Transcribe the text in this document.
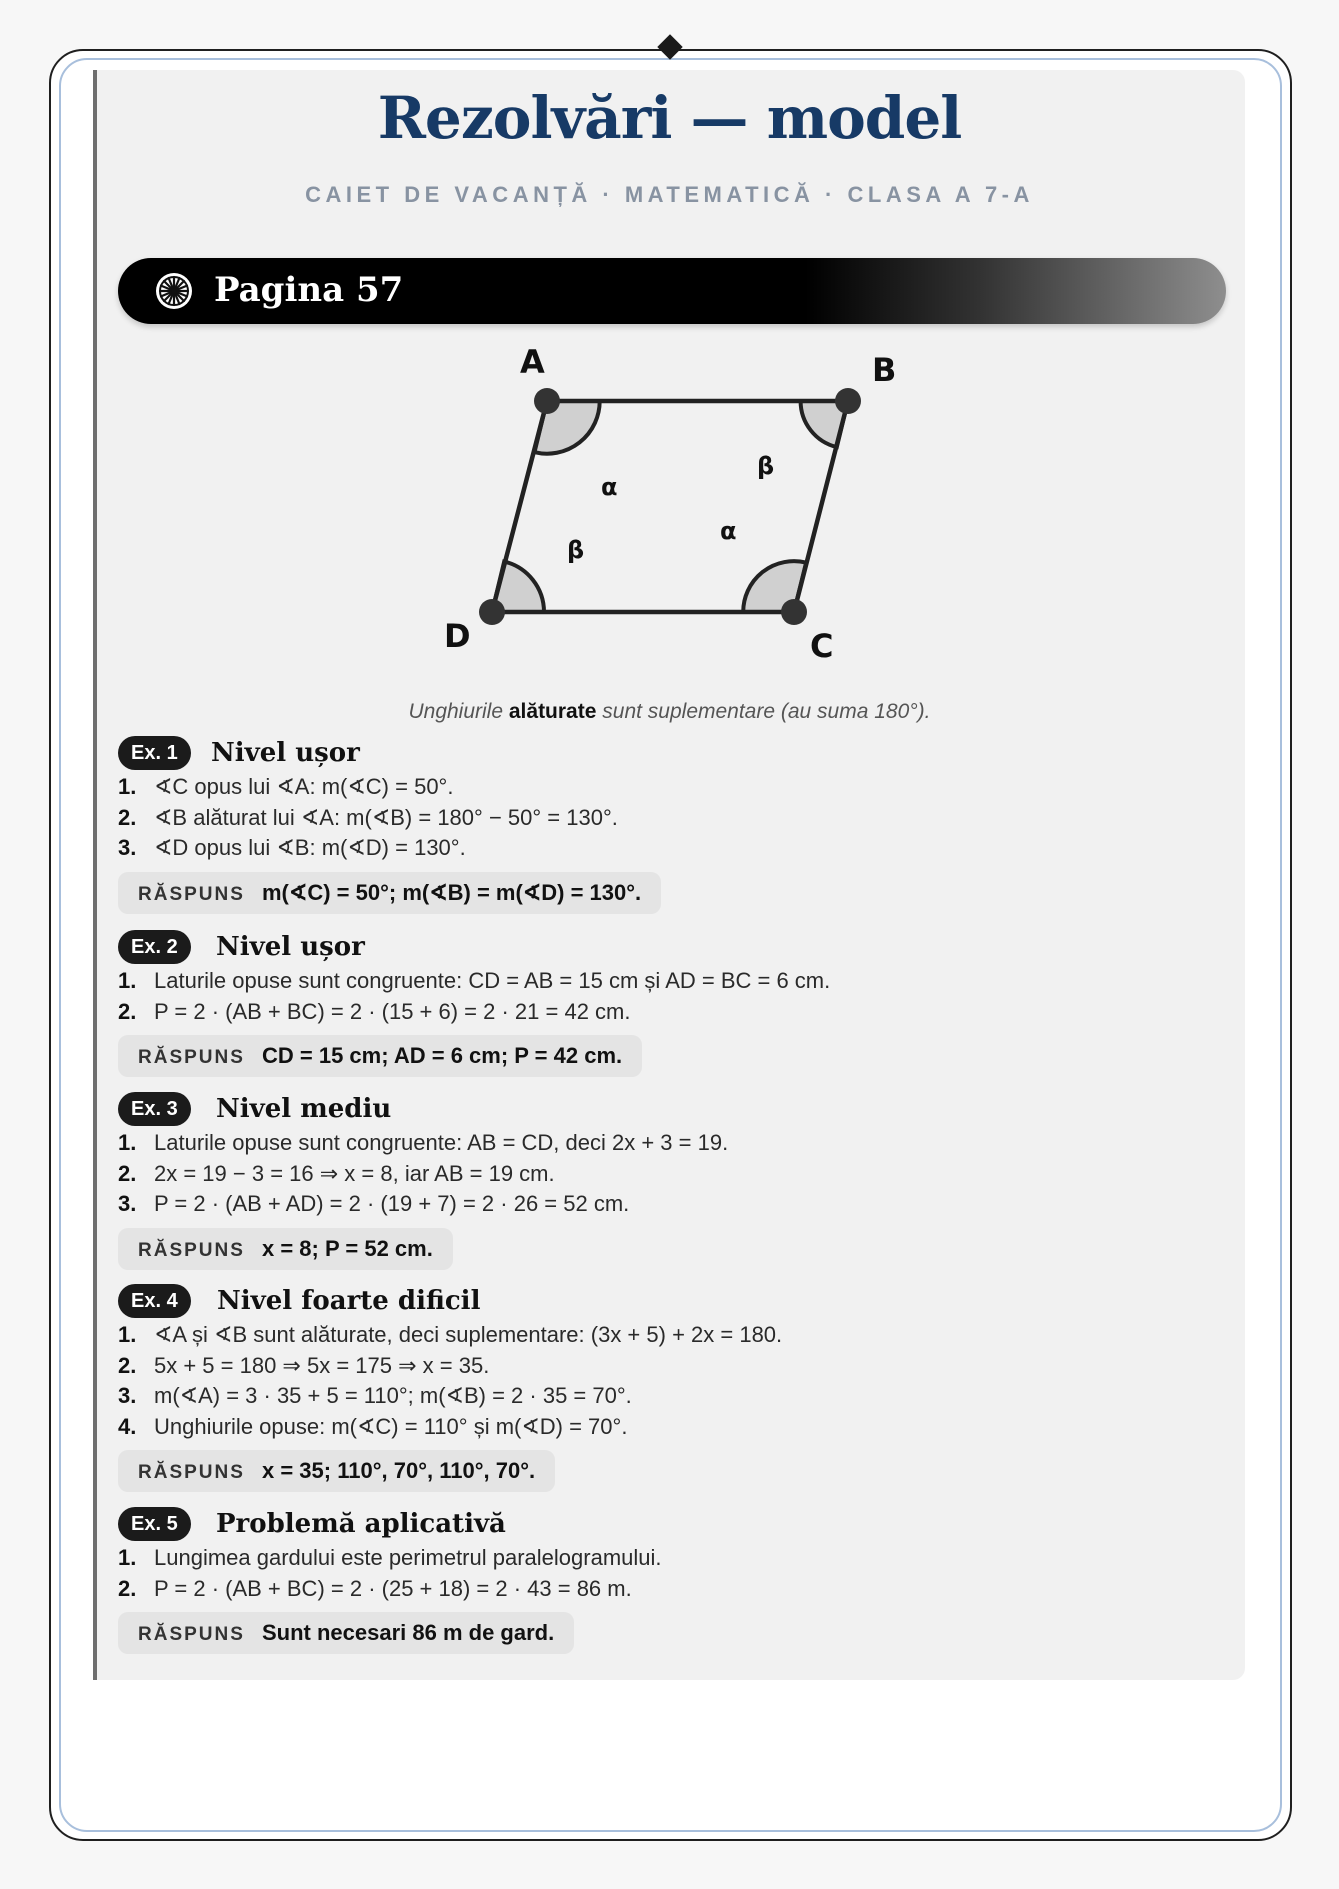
Rezolvări — model
CAIET DE VACANȚĂ · MATEMATICĂ · CLASA A 7-A
Pagina 57
A	B
C
D
α
β
α
β
Unghiurile alăturate sunt suplementare (au suma 180°).
Ex. 1	Nivel ușor
1. ∢C opus lui ∢A: m(∢C) = 50°.
2. ∢B alăturat lui ∢A: m(∢B) = 180° − 50° = 130°.
3. ∢D opus lui ∢B: m(∢D) = 130°.
RĂSPUNS m(∢C) = 50°; m(∢B) = m(∢D) = 130°.
Ex. 2	Nivel ușor
1. Laturile opuse sunt congruente: CD = AB = 15 cm și AD = BC = 6 cm.
2. P = 2 · (AB + BC) = 2 · (15 + 6) = 2 · 21 = 42 cm.
RĂSPUNS CD = 15 cm; AD = 6 cm; P = 42 cm.
Ex. 3	Nivel mediu
1. Laturile opuse sunt congruente: AB = CD, deci 2x + 3 = 19.
2. 2x = 19 − 3 = 16 ⇒ x = 8, iar AB = 19 cm.
3. P = 2 · (AB + AD) = 2 · (19 + 7) = 2 · 26 = 52 cm.
RĂSPUNS x = 8; P = 52 cm.
Ex. 4	Nivel foarte dificil
1. ∢A și ∢B sunt alăturate, deci suplementare: (3x + 5) + 2x = 180.
2. 5x + 5 = 180 ⇒ 5x = 175 ⇒ x = 35.
3. m(∢A) = 3 · 35 + 5 = 110°; m(∢B) = 2 · 35 = 70°.
4. Unghiurile opuse: m(∢C) = 110° și m(∢D) = 70°.
RĂSPUNS x = 35; 110°, 70°, 110°, 70°.
Ex. 5	Problemă aplicativă
1. Lungimea gardului este perimetrul paralelogramului.
2. P = 2 · (AB + BC) = 2 · (25 + 18) = 2 · 43 = 86 m.
RĂSPUNS Sunt necesari 86 m de gard.
